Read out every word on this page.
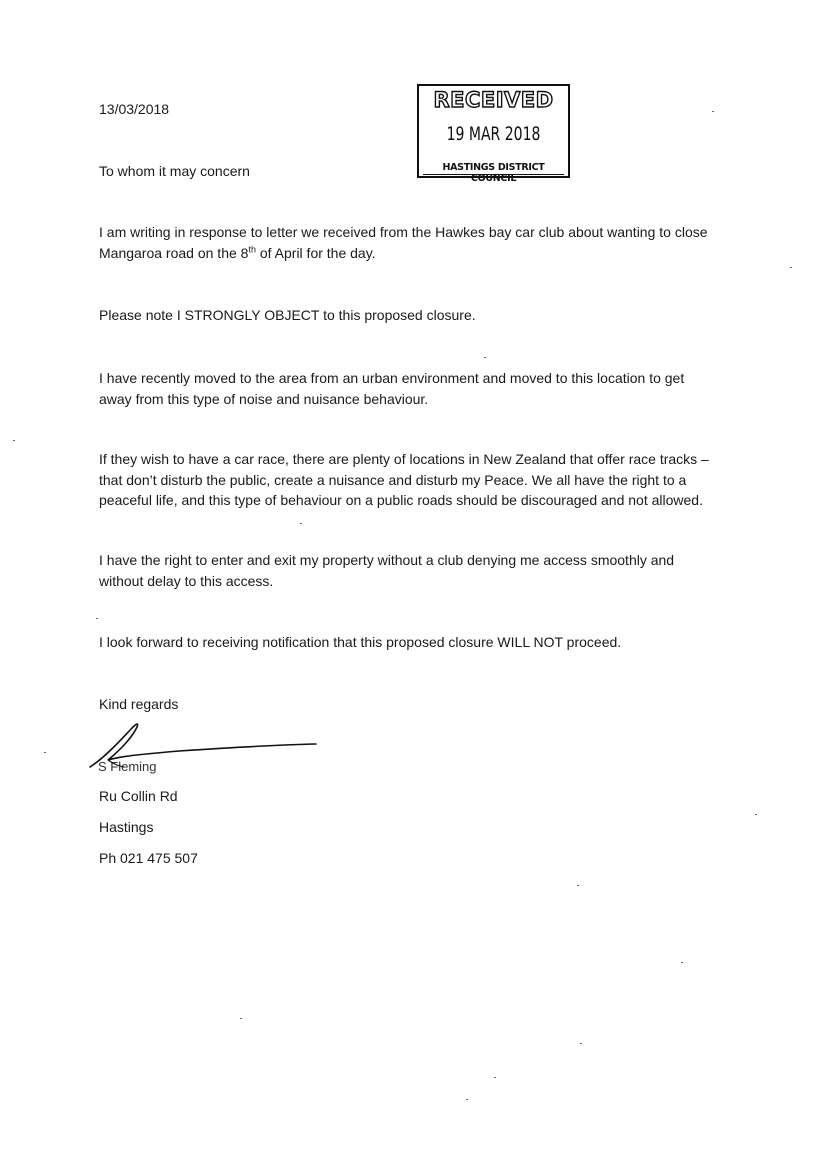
13/03/2018	RECEIVED
19 MAR 2018
HASTINGS DISTRICT COUNCIL
To whom it may concern
I am writing in response to letter we received from the Hawkes bay car club about wanting to close Mangaroa road on the 8th of April for the day.
Please note I STRONGLY OBJECT to this proposed closure.
I have recently moved to the area from an urban environment and moved to this location to get away from this type of noise and nuisance behaviour.
If they wish to have a car race, there are plenty of locations in New Zealand that offer race tracks – that don’t disturb the public, create a nuisance and disturb my Peace. We all have the right to a peaceful life, and this type of behaviour on a public roads should be discouraged and not allowed.
I have the right to enter and exit my property without a club denying me access smoothly and without delay to this access.
I look forward to receiving notification that this proposed closure WILL NOT proceed.
Kind regards
S Fleming
Ru Collin Rd
Hastings
Ph 021 475 507
